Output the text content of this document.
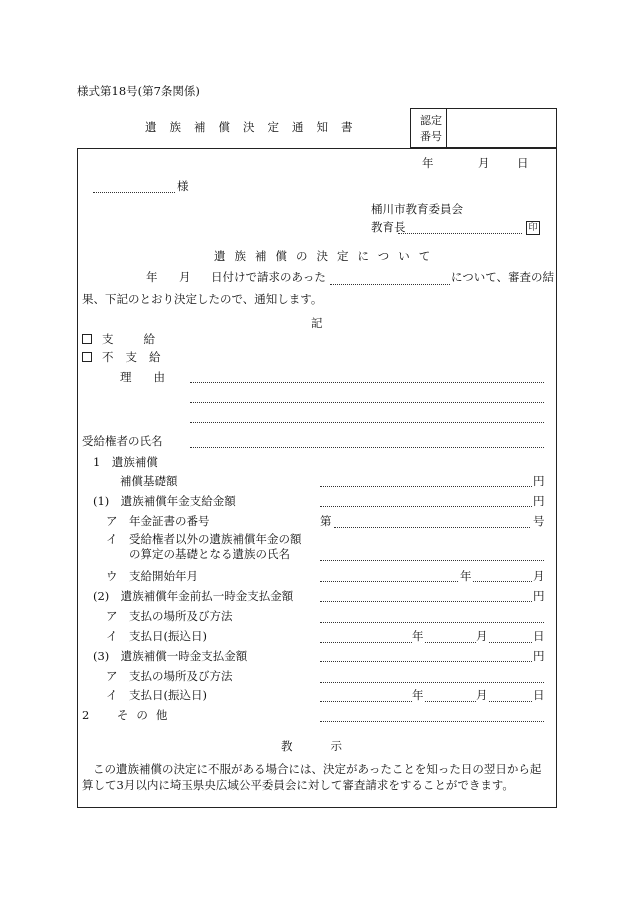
様式第18号(第7条関係)
遺族補償決定通知書	認定
番号
年	月 日
様
桶川市教育委員会
教育長	印
遺族補償の決定について
年 月 日付けで請求のあった	について、審査の結
果、下記のとおり決定したので、通知します。
記
支給
不支給
理由
受給権者の氏名
1　遺族補償
補償基礎額	円
(1)　遺族補償年金支給金額	円
ア　年金証書の番号	第	号
イ　受給権者以外の遺族補償年金の額
の算定の基礎となる遺族の氏名
ウ　支給開始年月	年	月
(2)　遺族補償年金前払一時金支払金額	円
ア　支払の場所及び方法
イ　支払日(振込日)	年	月	日
(3)　遺族補償一時金支払金額	円
ア　支払の場所及び方法
イ　支払日(振込日)	年	月	日
2　その他
教示
この遺族補償の決定に不服がある場合には、決定があったことを知った日の翌日から起
算して3月以内に埼玉県央広域公平委員会に対して審査請求をすることができます。
